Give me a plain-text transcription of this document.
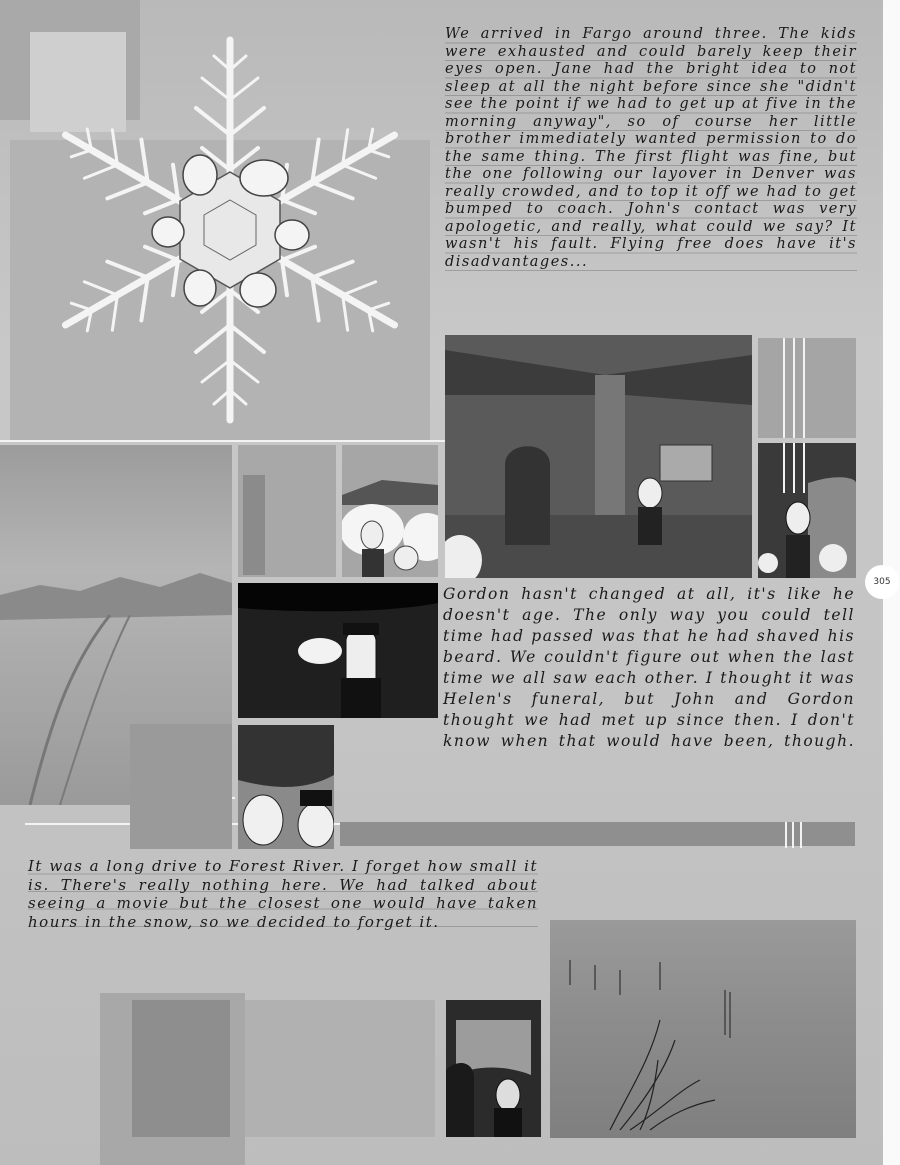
We arrived in Fargo around three. The kids were exhausted and could barely keep their eyes open. Jane had the bright idea to not sleep at all the night before since she "didn't see the point if we had to get up at five in the morning anyway", so of course her little brother immediately wanted permission to do the same thing. The first flight was fine, but the one following our layover in Denver was really crowded, and to top it off we had to get bumped to coach. John's contact was very apologetic, and really, what could we say? It wasn't his fault. Flying free does have it's disadvantages...

305

Gordon hasn't changed at all, it's like he doesn't age. The only way you could tell time had passed was that he had shaved his beard. We couldn't figure out when the last time we all saw each other. I thought it was Helen's funeral, but John and Gordon thought we had met up since then. I don't know when that would have been, though.

It was a long drive to Forest River. I forget how small it is. There's really nothing here. We had talked about seeing a movie but the closest one would have taken hours in the snow, so we decided to forget it.
